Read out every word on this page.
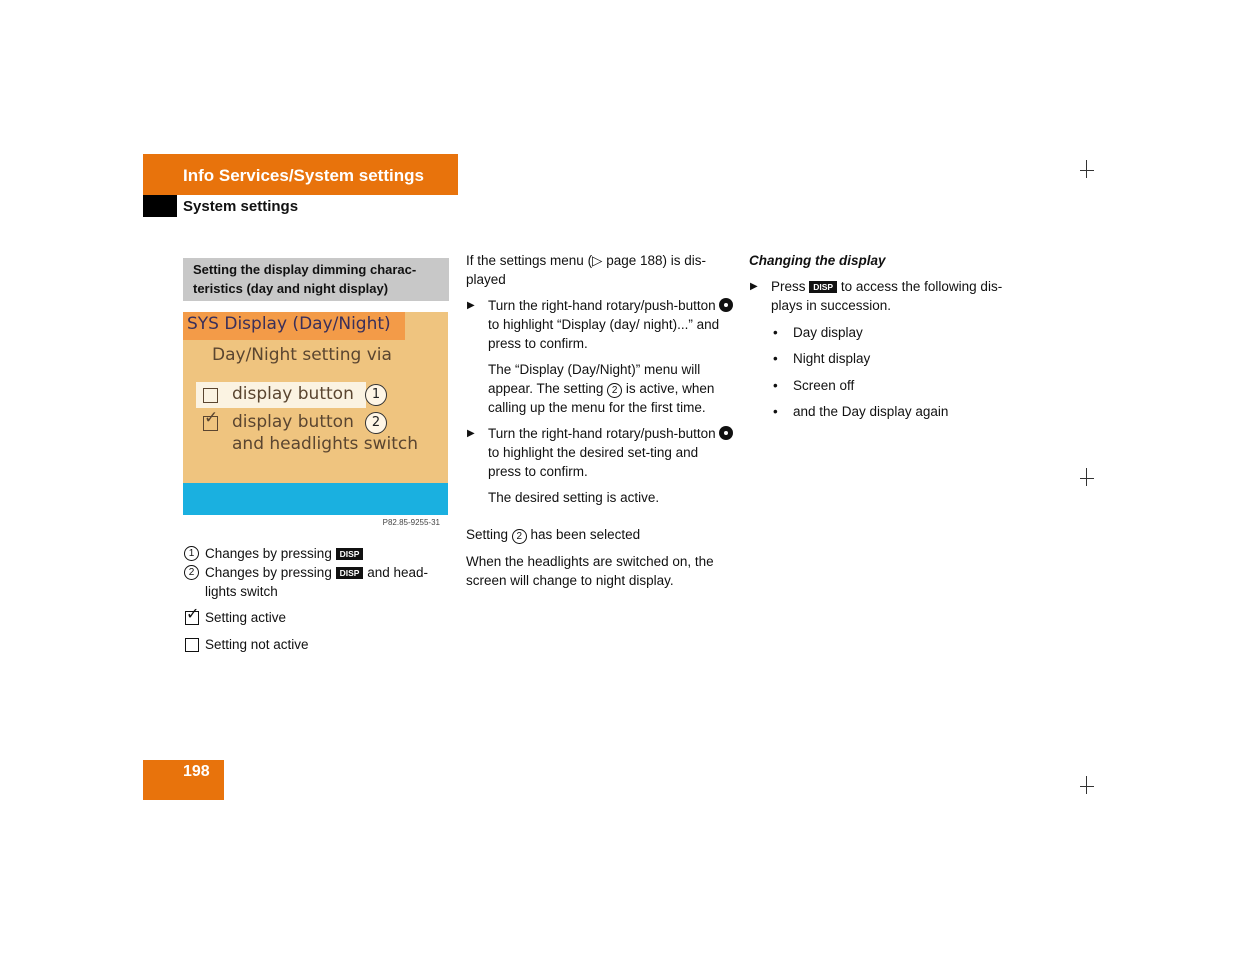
Info Services/System settings
System settings
Setting the display dimming charac-teristics (day and night display)
SYS Display (Day/Night)
Day/Night setting via
display button
✓ display button
and headlights switch
1
2
P82.85-9255-31
1 Changes by pressing DISP
2 Changes by pressing DISP and head-lights switch
✓ Setting active
Setting not active
If the settings menu (▷ page 188) is dis-played
▶ Turn the right-hand rotary/push-button  to highlight “Display (day/ night)...” and press to confirm.
The “Display (Day/Night)” menu will appear. The setting 2 is active, when calling up the menu for the first time.
▶ Turn the right-hand rotary/push-button  to highlight the desired set-ting and press to confirm.
The desired setting is active.
Setting 2 has been selected
When the headlights are switched on, the screen will change to night display.
Changing the display
▶ Press DISP to access the following dis-plays in succession.
• Day display
• Night display
• Screen off
• and the Day display again
198
